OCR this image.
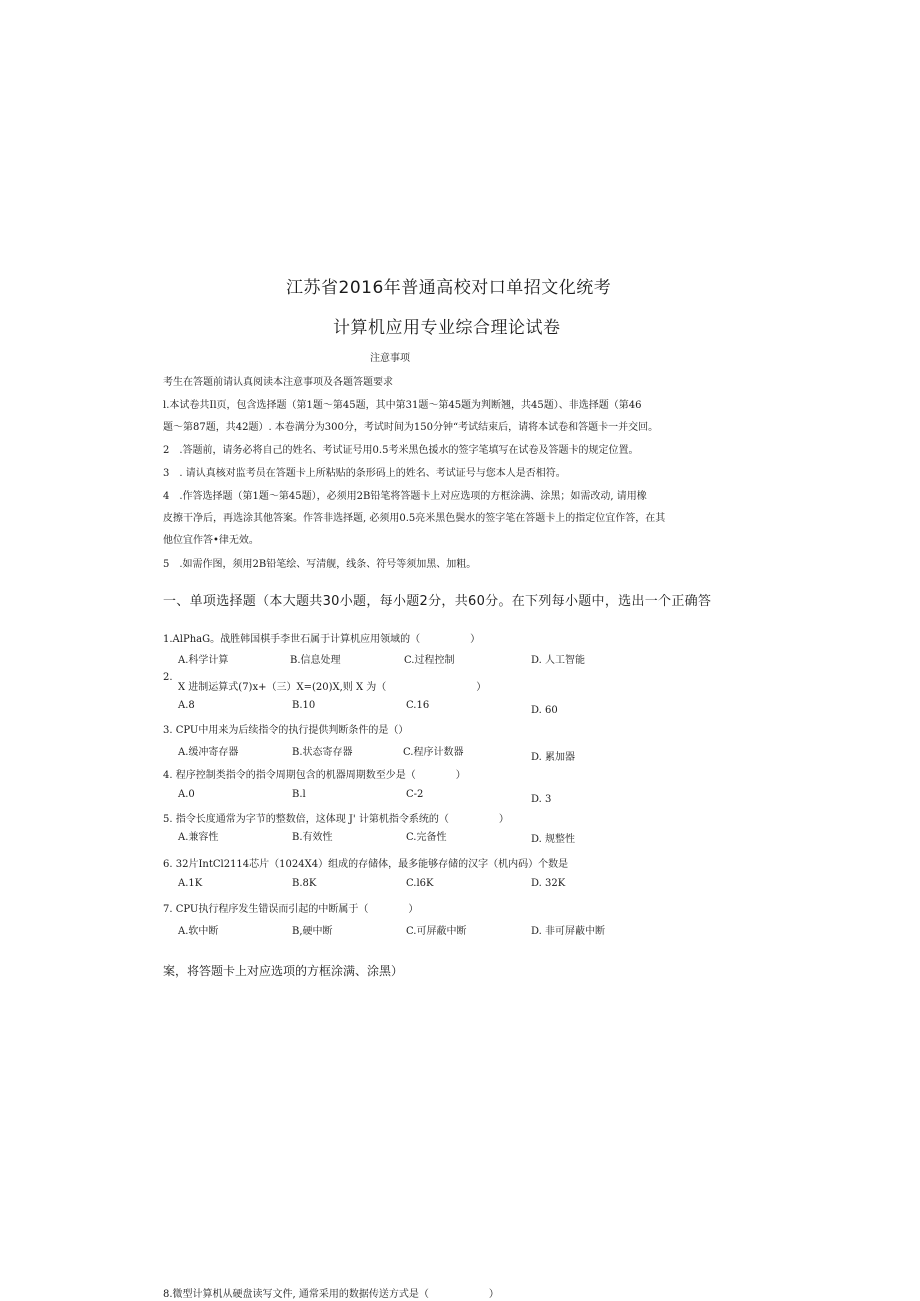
江苏省2016年普通高校对口单招文化统考
计算机应用专业综合理论试卷
注意事项
考生在答题前请认真阅读本注意事项及各题答题要求
l.本试卷共Il页，包含选择题（第1题～第45题，其中第31题～第45题为判断翘，共45题）、非选择题（第46
题～第87题，共42题）. 本卷满分为300分，考试时间为150分钟“考试结束后，请将本试卷和答题卡一并交回。
2　.答题前，请务必将自己的姓名、考试证号用0.5考米黑色援水的签字笔填写在试卷及答题卡的规定位置。
3　. 请认真核对监考员在答题卡上所粘贴的条形码上的姓名、考试证号与您本人是否相符。
4　.作答选择题（第1题～第45题），必须用2B铅笔将答题卡上对应选项的方框涂满、涂黑；如需改动, 请用橡
皮擦干净后，再选涂其他答案。作答非选择题, 必须用0.5亮米黑色鬓水的签字笔在答题卡上的指定位宜作答，在其
他位宜作答•律无效。
5　.如需作图，须用2B铅笔绘、写清舰，线条、符号等须加黑、加粗。
一、单项选择题（本大题共30小题，每小题2分，共60分。在下列每小题中，选出一个正确答
1.AlPhaG。战胜韩国棋手李世石属于计算机应用领域的（　　　　　）
A.科学计算	B.信息处理	C.过程控制	D. 人工智能
2.
X 进制运算式(7)x+（三）X=(20)X,则 X 为（　　　　　　　　　）
A.8	B.10	C.16	D. 60
3. CPU中用来为后续指令的执行提供判断条件的是（）
A.缓冲寄存器	B.状态寄存器	C.程序计数器	D. 累加器
4. 程序控制类指令的指令周期包含的机器周期数至少是（　　　　）
A.0	B.l	C-2	D. 3
5. 指令长度通常为字节的整数倍，这体现 J' 计第机指令系统的（　　　　　）
A.兼容性	B.有效性	C.完备性	D. 规整性
6. 32片IntCl2114芯片（1024X4）组成的存储体，最多能够存储的汉字（机内码）个数是
A.1K	B.8K	C.l6K	D. 32K
7. CPU执行程序发生错误而引起的中断属于（　　　　）
A.软中断	B,硬中断	C.可屏蔽中断	D. 非可屏蔽中断
案，将答题卡上对应选项的方框涂满、涂黑）
8.微型计算机从硬盘读写文件, 通常采用的数据传送方式是（　　　　　　）
